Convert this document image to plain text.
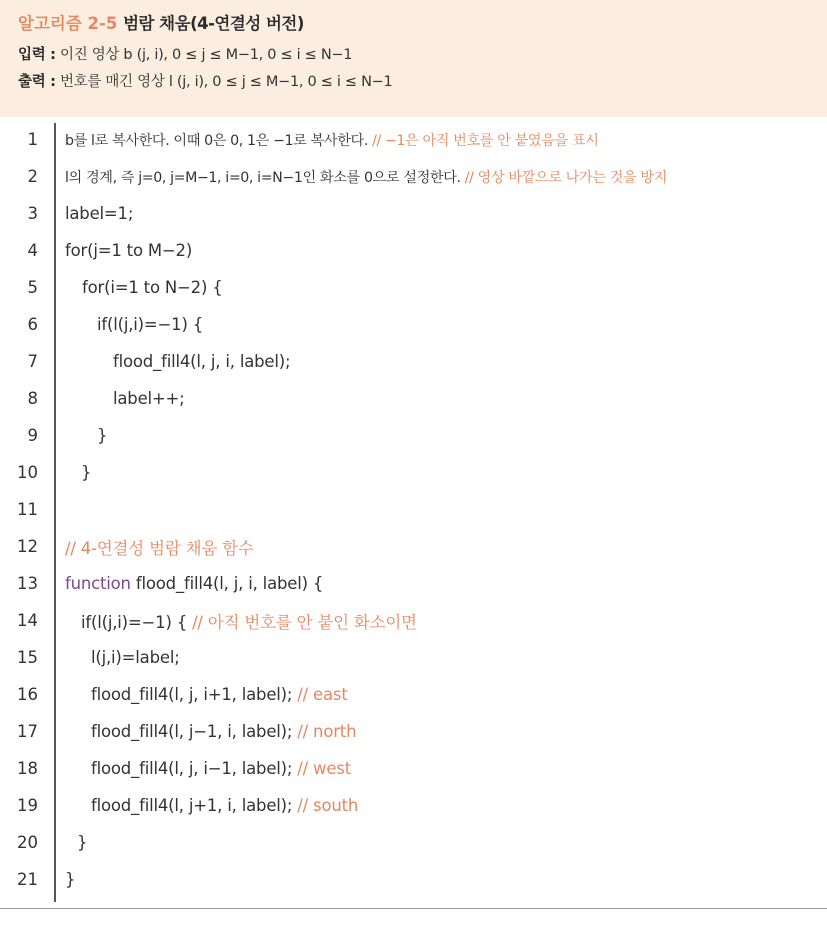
알고리즘 2-5 범람 채움(4-연결성 버전)
입력 : 이진 영상 b (j, i), 0 ≤ j ≤ M−1, 0 ≤ i ≤ N−1
출력 : 번호를 매긴 영상 l (j, i), 0 ≤ j ≤ M−1, 0 ≤ i ≤ N−1
1 b를 l로 복사한다. 이때 0은 0, 1은 −1로 복사한다. // −1은 아직 번호를 안 붙였음을 표시
2 l의 경계, 즉 j=0, j=M−1, i=0, i=N−1인 화소를 0으로 설정한다. // 영상 바깥으로 나가는 것을 방지
3 label=1;
4 for(j=1 to M−2)
5	for(i=1 to N−2) {
6	if(l(j,i)=−1) {
7	flood_fill4(l, j, i, label);
8	label++;
9	}
10	}
11
12 // 4-연결성 범람 채움 함수
13 function flood_fill4(l, j, i, label) {
14	if(l(j,i)=−1) { // 아직 번호를 안 붙인 화소이면
15	l(j,i)=label;
16	flood_fill4(l, j, i+1, label); // east
17	flood_fill4(l, j−1, i, label); // north
18	flood_fill4(l, j, i−1, label); // west
19	flood_fill4(l, j+1, i, label); // south
20 }
21 }
